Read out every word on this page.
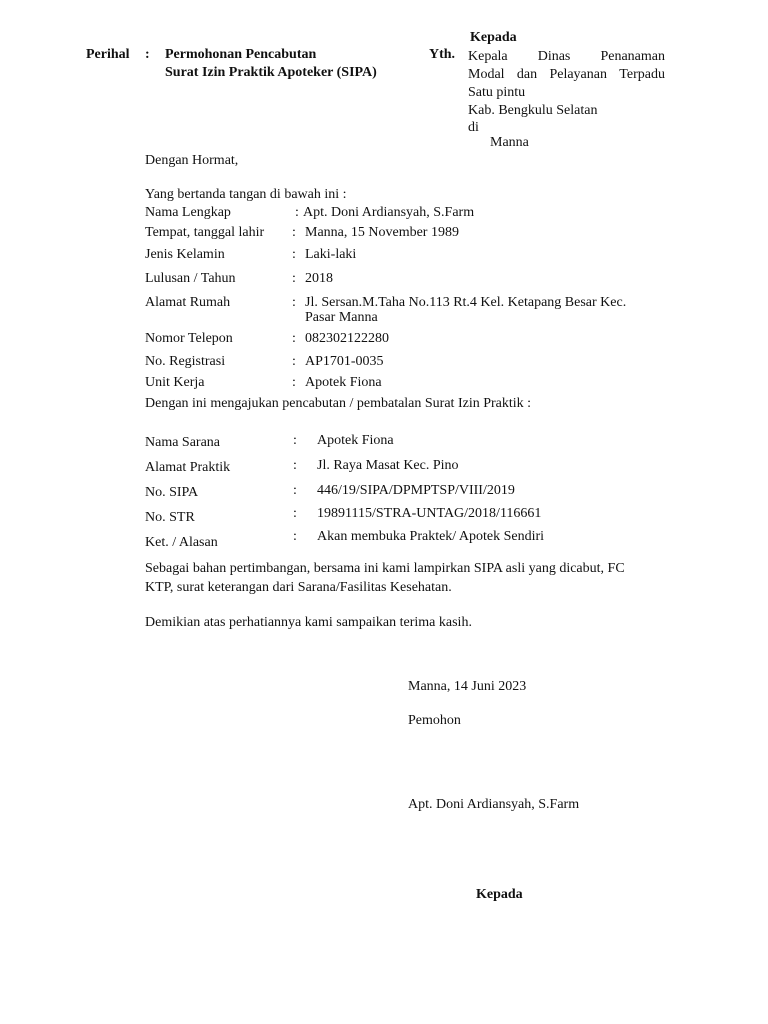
Perihal : Permohonan Pencabutan
Surat Izin Praktik Apoteker (SIPA)
Yth.
Kepada
Kepala Dinas Penanaman
Modal dan Pelayanan Terpadu
Satu pintu
Kab. Bengkulu Selatan
di
Manna
Dengan Hormat,
Yang bertanda tangan di bawah ini :
Nama Lengkap	: Apt. Doni Ardiansyah, S.Farm
Tempat, tanggal lahir : Manna, 15 November 1989
Jenis Kelamin	: Laki-laki
Lulusan / Tahun	: 2018
Alamat Rumah	: Jl. Sersan.M.Taha No.113 Rt.4 Kel. Ketapang Besar Kec.
Pasar Manna
Nomor Telepon	: 082302122280
No. Registrasi	: AP1701-0035
Unit Kerja	: Apotek Fiona
Dengan ini mengajukan pencabutan / pembatalan Surat Izin Praktik :
Nama Sarana	: Apotek Fiona
Alamat Praktik	: Jl. Raya Masat Kec. Pino
No. SIPA	: 446/19/SIPA/DPMPTSP/VIII/2019
No. STR	: 19891115/STRA-UNTAG/2018/116661
Ket. / Alasan	: Akan membuka Praktek/ Apotek Sendiri
Sebagai bahan pertimbangan, bersama ini kami lampirkan SIPA asli yang dicabut, FC
KTP, surat keterangan dari Sarana/Fasilitas Kesehatan.
Demikian atas perhatiannya kami sampaikan terima kasih.
Manna, 14 Juni 2023
Pemohon
Apt. Doni Ardiansyah, S.Farm
Kepada
